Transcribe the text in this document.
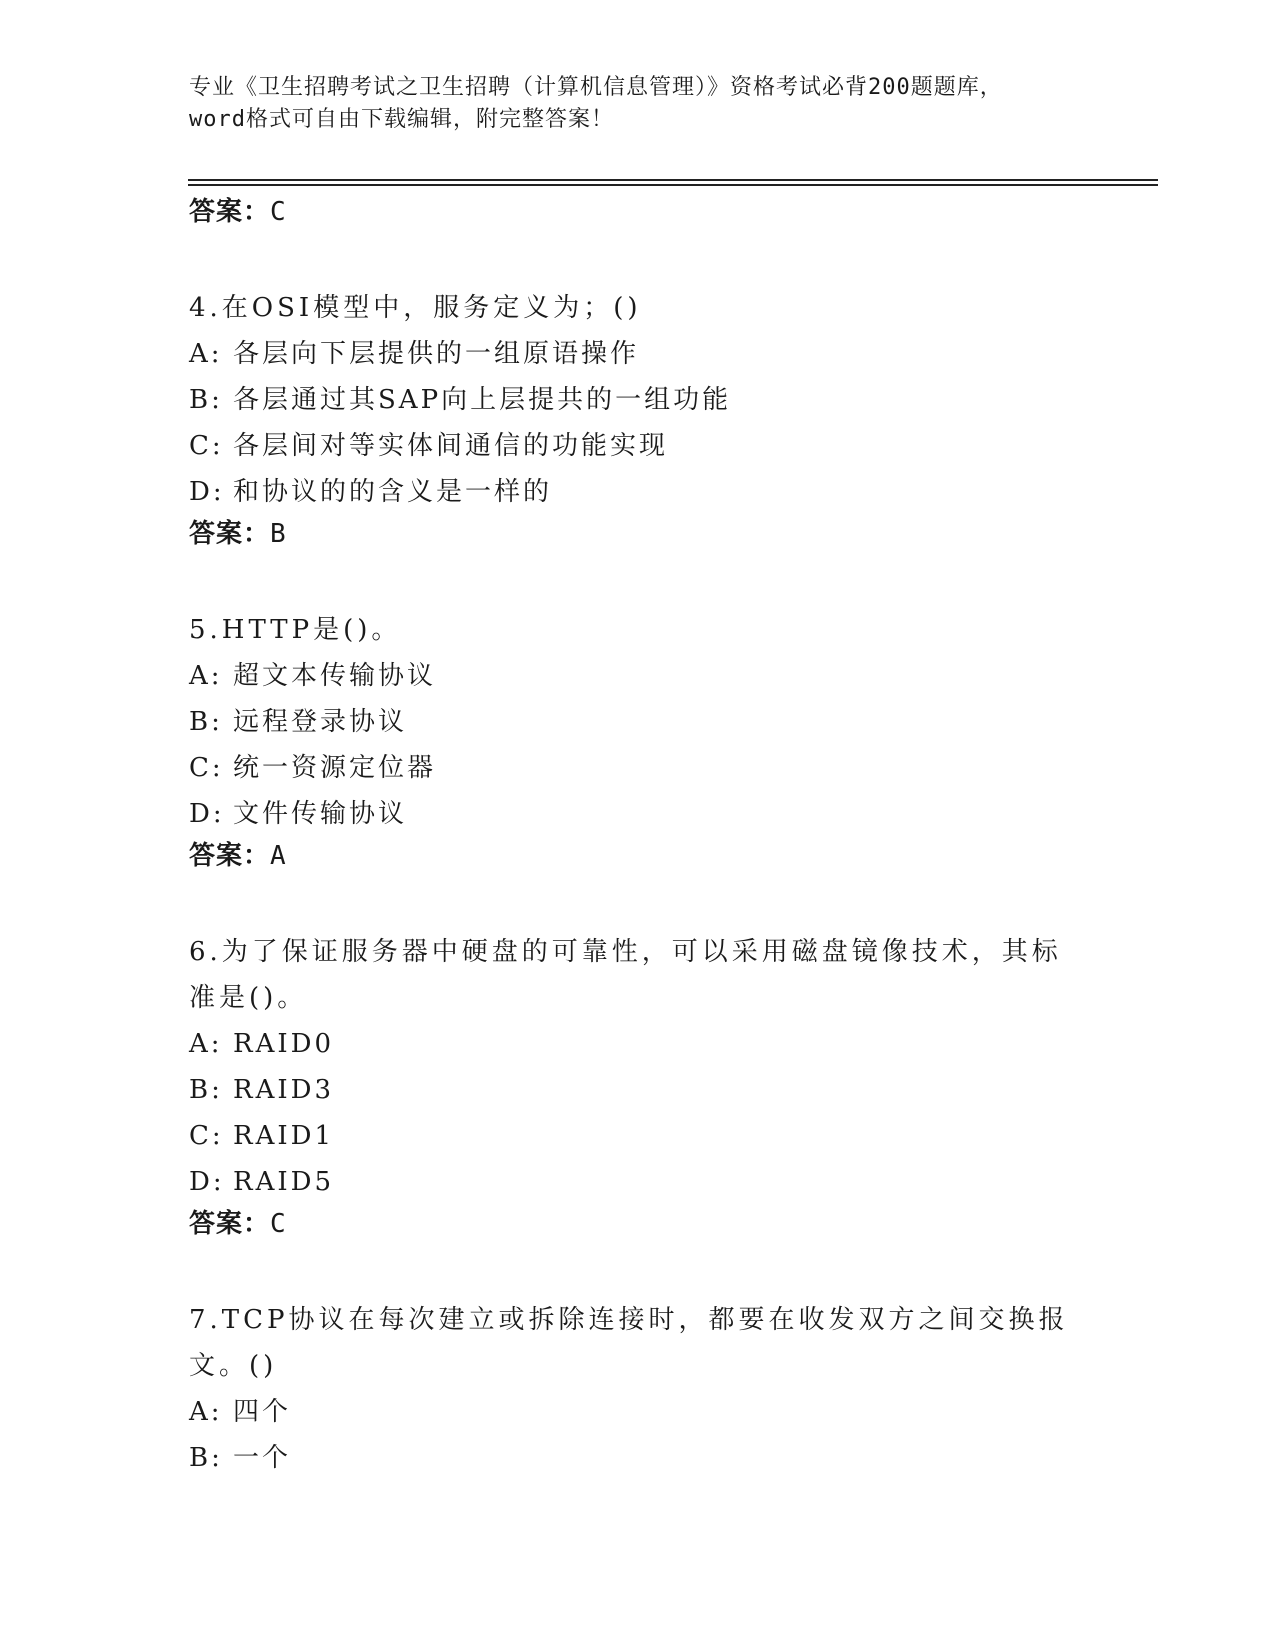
专业《卫生招聘考试之卫生招聘（计算机信息管理）》资格考试必背200题题库，
word格式可自由下载编辑，附完整答案！
答案：C
4.在OSI模型中，服务定义为；()
A: 各层向下层提供的一组原语操作
B: 各层通过其SAP向上层提共的一组功能
C: 各层间对等实体间通信的功能实现
D: 和协议的的含义是一样的
答案：B
5.HTTP是()。
A: 超文本传输协议
B: 远程登录协议
C: 统一资源定位器
D: 文件传输协议
答案：A
6.为了保证服务器中硬盘的可靠性，可以采用磁盘镜像技术，其标准是()。
A: RAID0
B: RAID3
C: RAID1
D: RAID5
答案：C
7.TCP协议在每次建立或拆除连接时，都要在收发双方之间交换报文。()
A: 四个
B: 一个
